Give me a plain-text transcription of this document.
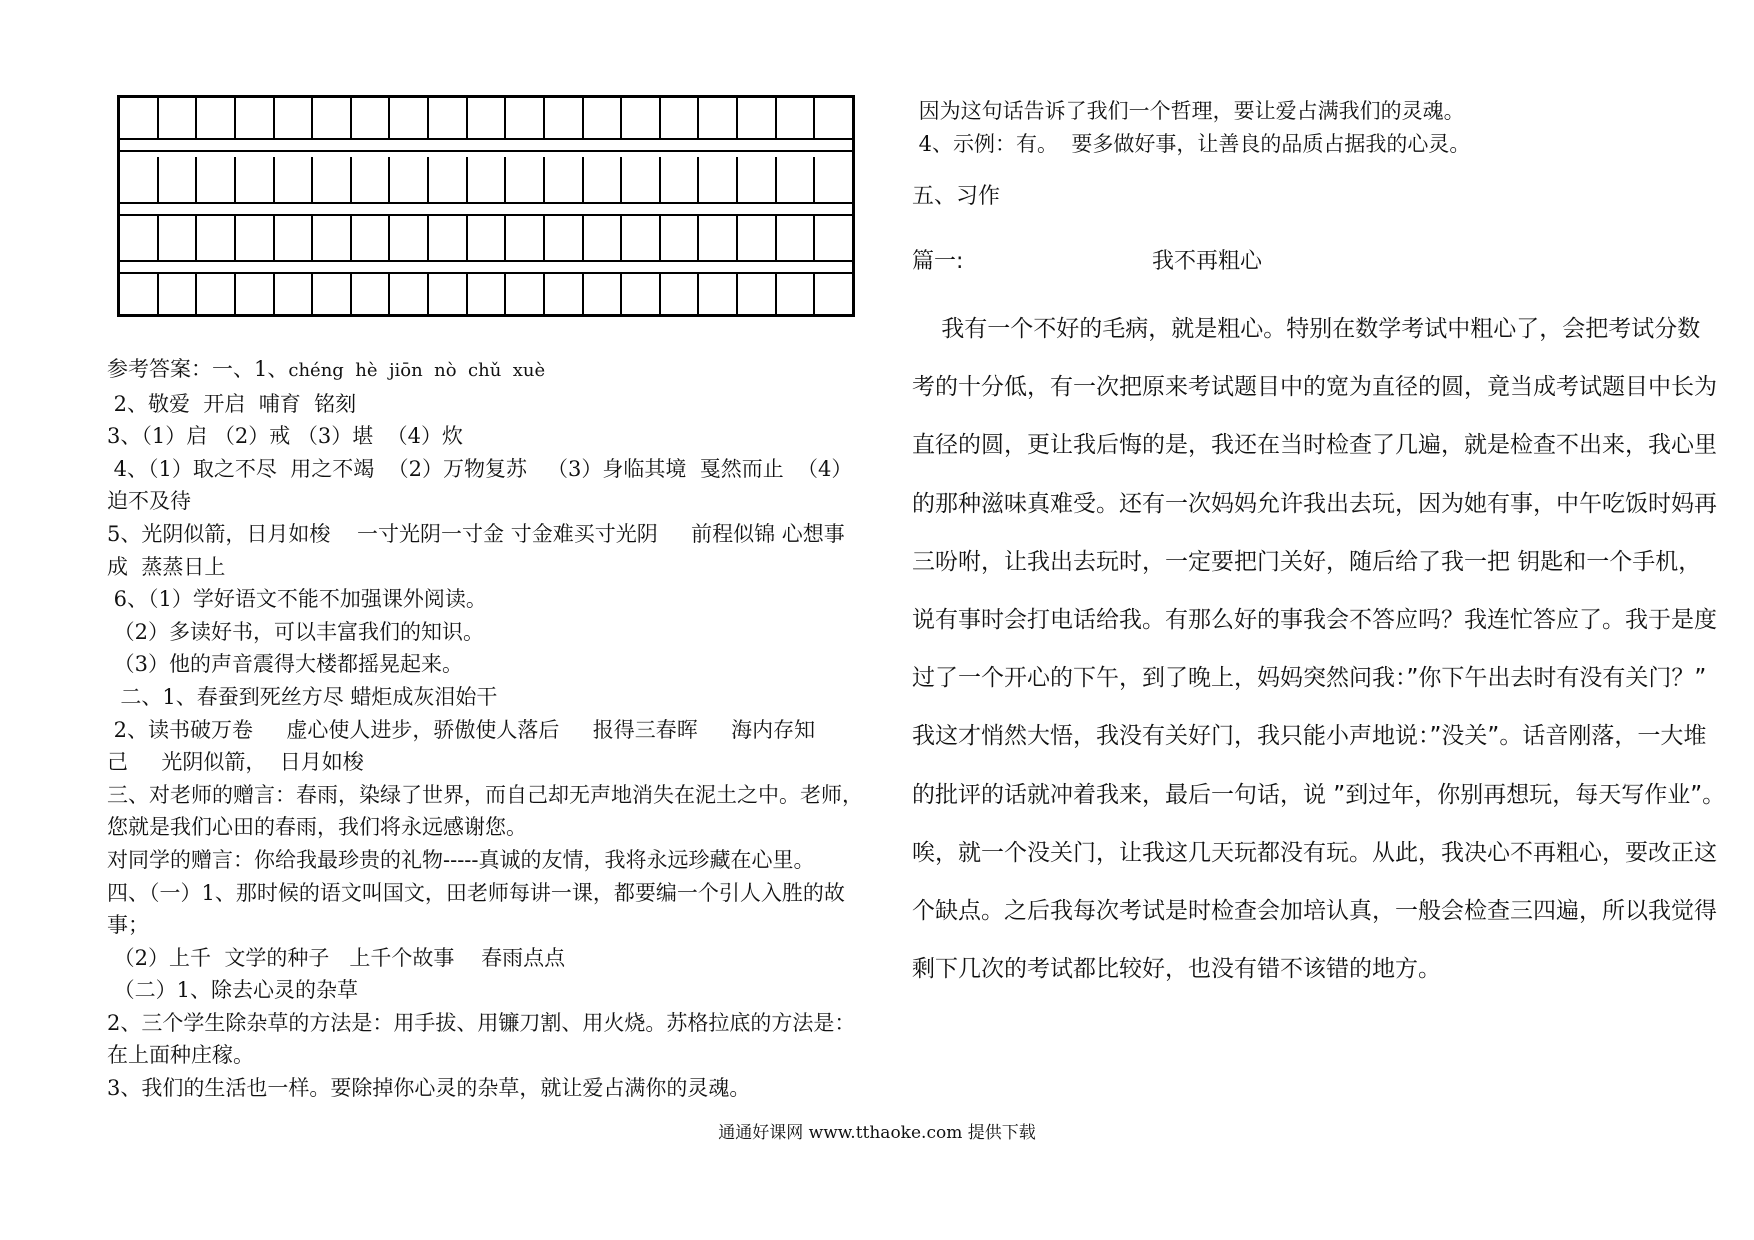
参考答案：一、1、chéng  hè  jiōn  nò  chǔ  xuè
2、敬爱  开启  哺育  铭刻
3、（1）启 （2）戒 （3）堪  （4）炊
4、（1）取之不尽  用之不竭  （2）万物复苏   （3）身临其境  戛然而止  （4）
迫不及待
5、光阴似箭，日月如梭    一寸光阴一寸金 寸金难买寸光阴     前程似锦 心想事
成  蒸蒸日上
6、（1）学好语文不能不加强课外阅读。
（2）多读好书，可以丰富我们的知识。
（3）他的声音震得大楼都摇晃起来。
二、1、春蚕到死丝方尽 蜡炬成灰泪始干
2、读书破万卷     虚心使人进步，骄傲使人落后     报得三春晖     海内存知
己     光阴似箭，  日月如梭
三、对老师的赠言：春雨，染绿了世界，而自己却无声地消失在泥土之中。老师，
您就是我们心田的春雨，我们将永远感谢您。
对同学的赠言：你给我最珍贵的礼物-----真诚的友情，我将永远珍藏在心里。
四、（一）1、那时候的语文叫国文，田老师每讲一课，都要编一个引人入胜的故
事；
（2）上千  文学的种子   上千个故事    春雨点点
（二）1、除去心灵的杂草
2、三个学生除杂草的方法是：用手拔、用镰刀割、用火烧。苏格拉底的方法是：
在上面种庄稼。
3、我们的生活也一样。要除掉你心灵的杂草，就让爱占满你的灵魂。
因为这句话告诉了我们一个哲理，要让爱占满我们的灵魂。
4、示例：有。  要多做好事，让善良的品质占据我的心灵。
五、习作
篇一:	我不再粗心
我有一个不好的毛病，就是粗心。特别在数学考试中粗心了，会把考试分数
考的十分低，有一次把原来考试题目中的宽为直径的圆，竟当成考试题目中长为
直径的圆，更让我后悔的是，我还在当时检查了几遍，就是检查不出来，我心里
的那种滋味真难受。还有一次妈妈允许我出去玩，因为她有事，中午吃饭时妈再
三吩咐，让我出去玩时，一定要把门关好，随后给了我一把 钥匙和一个手机，
说有事时会打电话给我。有那么好的事我会不答应吗？我连忙答应了。我于是度
过了一个开心的下午，到了晚上，妈妈突然问我：”你下午出去时有没有关门？”
我这才悄然大悟，我没有关好门，我只能小声地说：”没关”。话音刚落，一大堆
的批评的话就冲着我来，最后一句话，说 ”到过年，你别再想玩，每天写作业”。
唉，就一个没关门，让我这几天玩都没有玩。从此，我决心不再粗心，要改正这
个缺点。之后我每次考试是时检查会加培认真，一般会检查三四遍，所以我觉得
剩下几次的考试都比较好，也没有错不该错的地方。
通通好课网 www.tthaoke.com 提供下载
